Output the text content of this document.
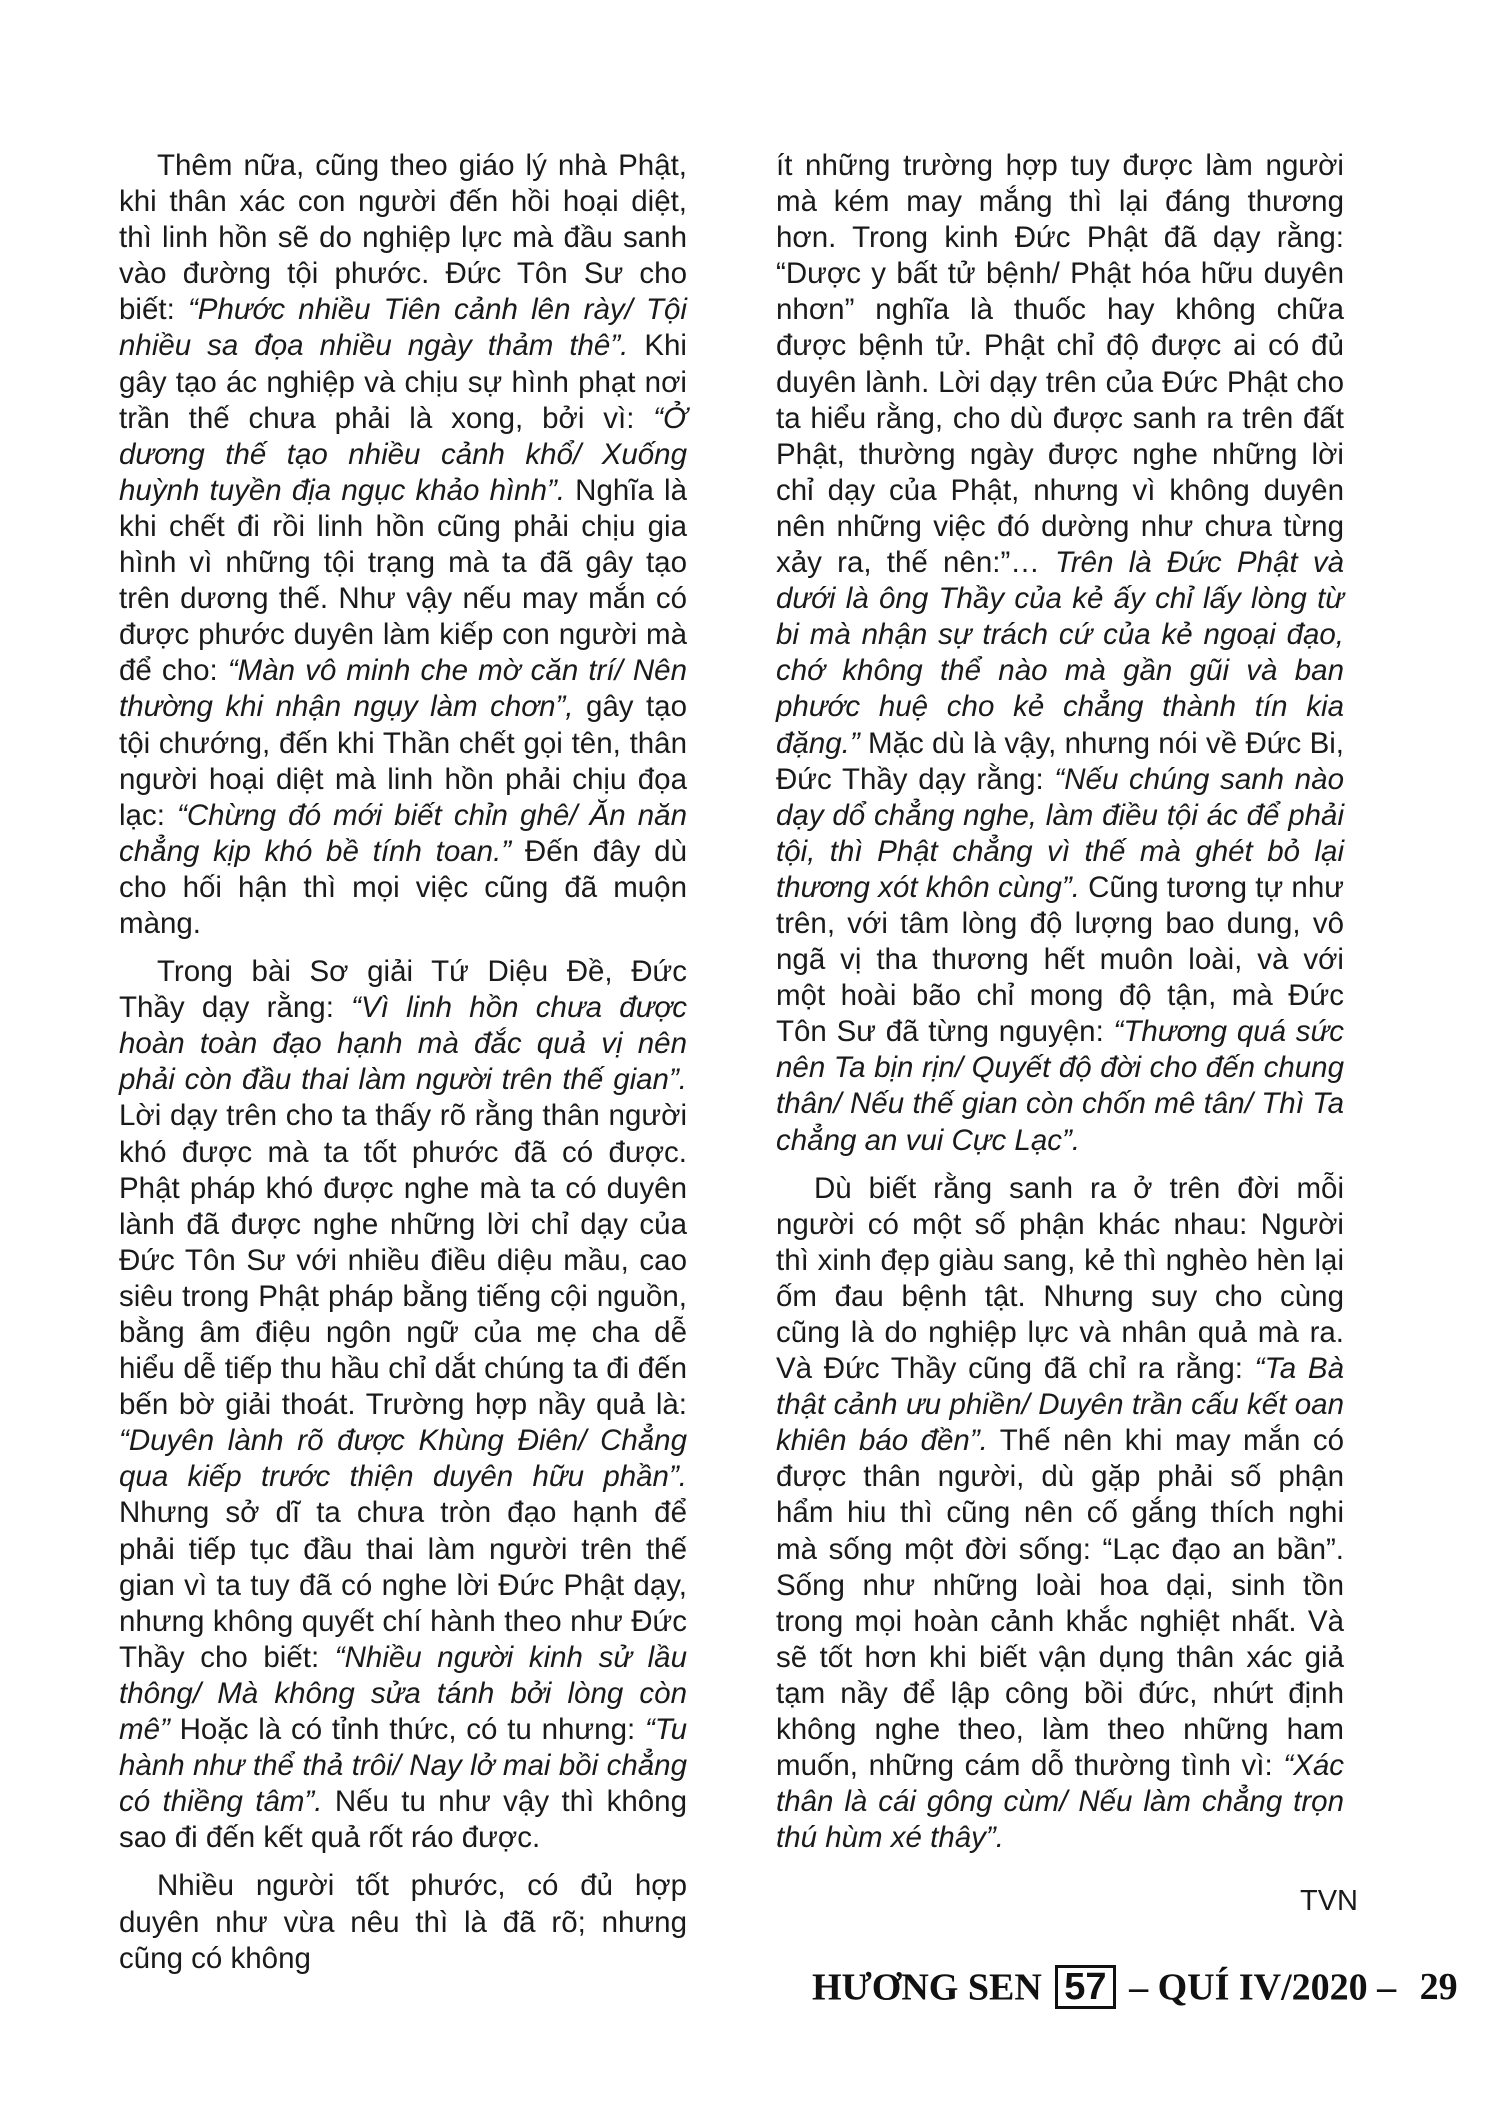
Thêm nữa, cũng theo giáo lý nhà Phật, khi thân xác con người đến hồi hoại diệt, thì linh hồn sẽ do nghiệp lực mà đầu sanh vào đường tội phước. Đức Tôn Sư cho biết: “Phước nhiều Tiên cảnh lên rày/ Tội nhiều sa đọa nhiều ngày thảm thê”. Khi gây tạo ác nghiệp và chịu sự hình phạt nơi trần thế chưa phải là xong, bởi vì: “Ở dương thế tạo nhiều cảnh khổ/ Xuống huỳnh tuyền địa ngục khảo hình”. Nghĩa là khi chết đi rồi linh hồn cũng phải chịu gia hình vì những tội trạng mà ta đã gây tạo trên dương thế. Như vậy nếu may mắn có được phước duyên làm kiếp con người mà để cho: “Màn vô minh che mờ căn trí/ Nên thường khi nhận ngụy làm chơn”, gây tạo tội chướng, đến khi Thần chết gọi tên, thân người hoại diệt mà linh hồn phải chịu đọa lạc: “Chừng đó mới biết chỉn ghê/ Ăn năn chẳng kịp khó bề tính toan.” Đến đây dù cho hối hận thì mọi việc cũng đã muộn màng.

Trong bài Sơ giải Tứ Diệu Đề, Đức Thầy dạy rằng: “Vì linh hồn chưa được hoàn toàn đạo hạnh mà đắc quả vị nên phải còn đầu thai làm người trên thế gian”. Lời dạy trên cho ta thấy rõ rằng thân người khó được mà ta tốt phước đã có được. Phật pháp khó được nghe mà ta có duyên lành đã được nghe những lời chỉ dạy của Đức Tôn Sư với nhiều điều diệu mầu, cao siêu trong Phật pháp bằng tiếng cội nguồn, bằng âm điệu ngôn ngữ của mẹ cha dễ hiểu dễ tiếp thu hầu chỉ dắt chúng ta đi đến bến bờ giải thoát. Trường hợp nầy quả là: “Duyên lành rõ được Khùng Điên/ Chẳng qua kiếp trước thiện duyên hữu phần”. Nhưng sở dĩ ta chưa tròn đạo hạnh để phải tiếp tục đầu thai làm người trên thế gian vì ta tuy đã có nghe lời Đức Phật dạy, nhưng không quyết chí hành theo như Đức Thầy cho biết: “Nhiều người kinh sử lầu thông/ Mà không sửa tánh bởi lòng còn mê” Hoặc là có tỉnh thức, có tu nhưng: “Tu hành như thể thả trôi/ Nay lở mai bồi chẳng có thiềng tâm”. Nếu tu như vậy thì không sao đi đến kết quả rốt ráo được.

Nhiều người tốt phước, có đủ hợp duyên như vừa nêu thì là đã rõ; nhưng cũng có không

ít những trường hợp tuy được làm người mà kém may mắng thì lại đáng thương hơn. Trong kinh Đức Phật đã dạy rằng: “Dược y bất tử bệnh/ Phật hóa hữu duyên nhơn” nghĩa là thuốc hay không chữa được bệnh tử. Phật chỉ độ được ai có đủ duyên lành. Lời dạy trên của Đức Phật cho ta hiểu rằng, cho dù được sanh ra trên đất Phật, thường ngày được nghe những lời chỉ dạy của Phật, nhưng vì không duyên nên những việc đó dường như chưa từng xảy ra, thế nên:”… Trên là Đức Phật và dưới là ông Thầy của kẻ ấy chỉ lấy lòng từ bi mà nhận sự trách cứ của kẻ ngoại đạo, chớ không thể nào mà gần gũi và ban phước huệ cho kẻ chẳng thành tín kia đặng.” Mặc dù là vậy, nhưng nói về Đức Bi, Đức Thầy dạy rằng: “Nếu chúng sanh nào dạy dổ chẳng nghe, làm điều tội ác để phải tội, thì Phật chẳng vì thế mà ghét bỏ lại thương xót khôn cùng”. Cũng tương tự như trên, với tâm lòng độ lượng bao dung, vô ngã vị tha thương hết muôn loài, và với một hoài bão chỉ mong độ tận, mà Đức Tôn Sư đã từng nguyện: “Thương quá sức nên Ta bịn rịn/ Quyết độ đời cho đến chung thân/ Nếu thế gian còn chốn mê tân/ Thì Ta chẳng an vui Cực Lạc”.

Dù biết rằng sanh ra ở trên đời mỗi người có một số phận khác nhau: Người thì xinh đẹp giàu sang, kẻ thì nghèo hèn lại ốm đau bệnh tật. Nhưng suy cho cùng cũng là do nghiệp lực và nhân quả mà ra. Và Đức Thầy cũng đã chỉ ra rằng: “Ta Bà thật cảnh ưu phiền/ Duyên trần cấu kết oan khiên báo đền”. Thế nên khi may mắn có được thân người, dù gặp phải số phận hẩm hiu thì cũng nên cố gắng thích nghi mà sống một đời sống: “Lạc đạo an bần”. Sống như những loài hoa dại, sinh tồn trong mọi hoàn cảnh khắc nghiệt nhất. Và sẽ tốt hơn khi biết vận dụng thân xác giả tạm nầy để lập công bồi đức, nhứt định không nghe theo, làm theo những ham muốn, những cám dỗ thường tình vì: “Xác thân là cái gông cùm/ Nếu làm chẳng trọn thú hùm xé thây”.

TVN
HƯƠNG SEN 57 – QUÍ IV/2020 – 29
